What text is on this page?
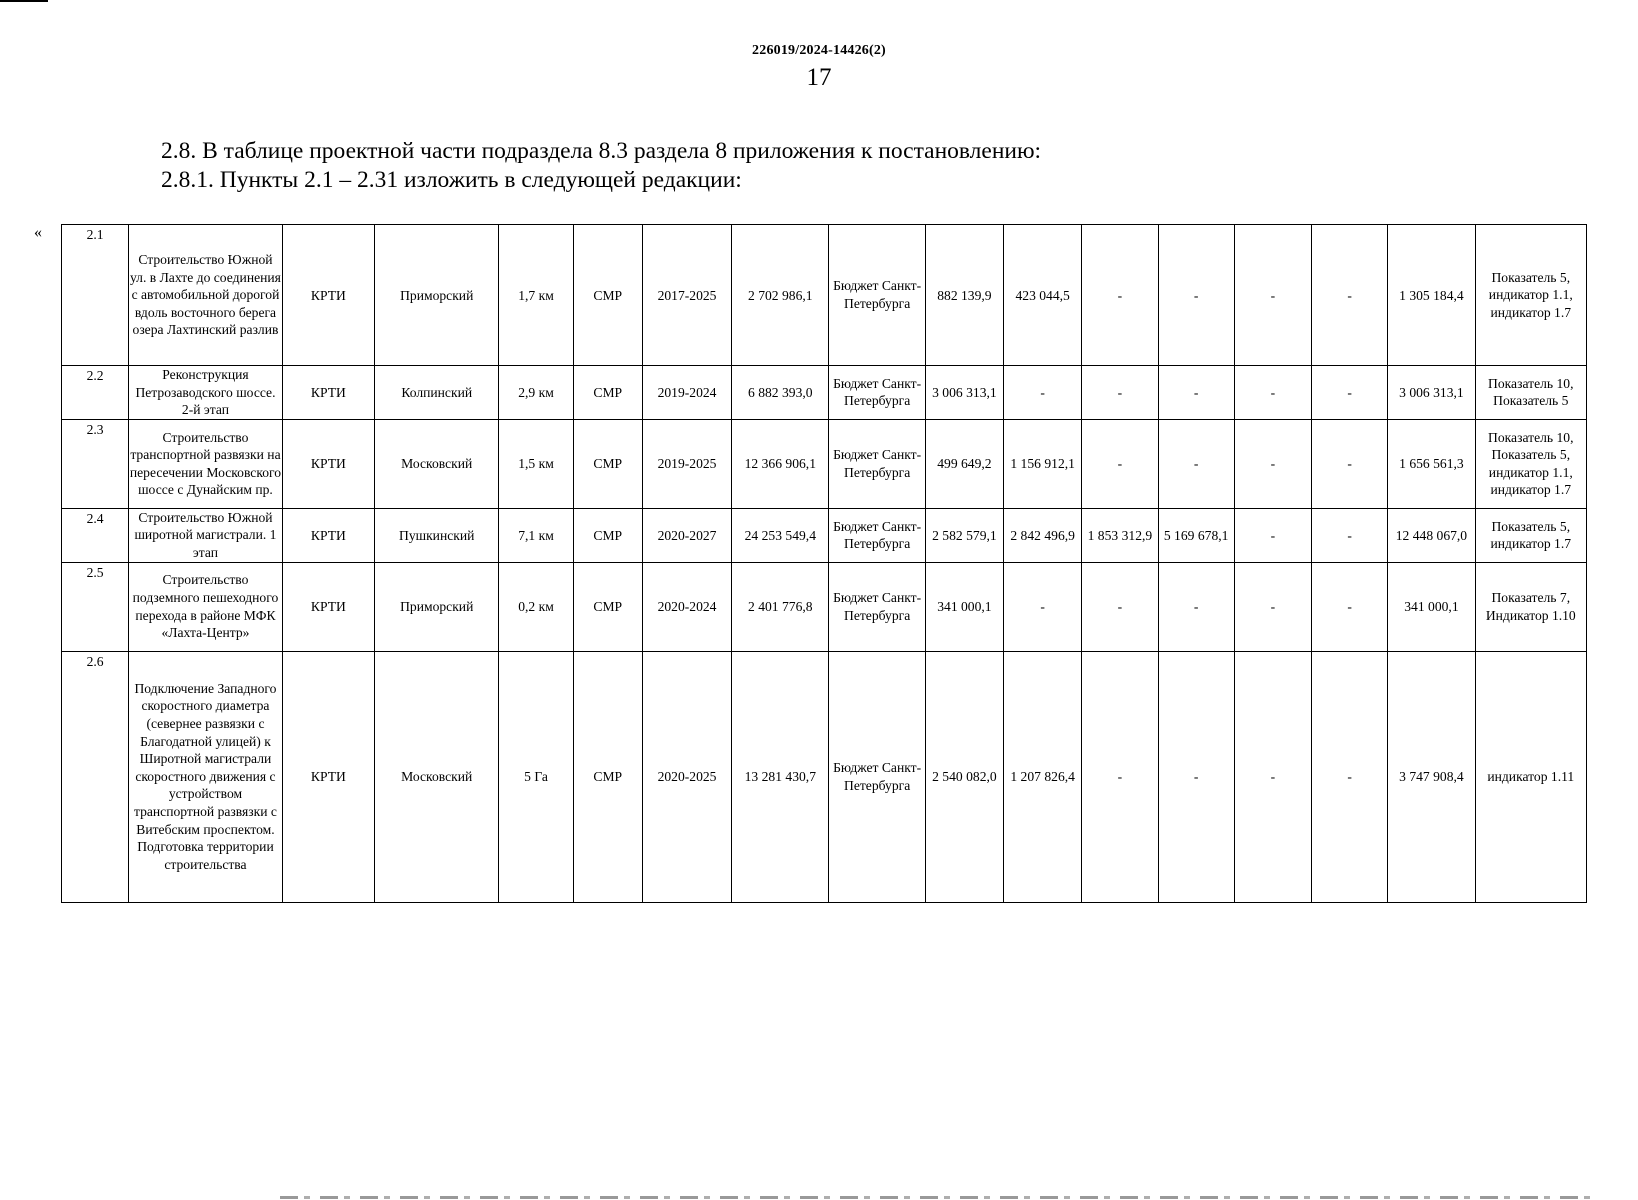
226019/2024-14426(2)
17
2.8. В таблице проектной части подраздела 8.3 раздела 8 приложения к постановлению:
2.8.1. Пункты 2.1 – 2.31 изложить в следующей редакции:
«	2.1	Строительство Южной ул. в Лахте до соединения с автомобильной дорогой вдоль восточного берега озера Лахтинский разлив	КРТИ	Приморский	1,7 км	СМР	2017-2025	2 702 986,1	Бюджет Санкт-Петербурга	882 139,9	423 044,5	-	-	-	-	1 305 184,4	Показатель 5, индикатор 1.1, индикатор 1.7
2.2	Реконструкция Петрозаводского шоссе. 2-й этап	КРТИ	Колпинский	2,9 км	СМР	2019-2024	6 882 393,0	Бюджет Санкт-Петербурга	3 006 313,1	-	-	-	-	-	3 006 313,1	Показатель 10, Показатель 5
2.3	Строительство транспортной развязки на пересечении Московского шоссе с Дунайским пр.	КРТИ	Московский	1,5 км	СМР	2019-2025	12 366 906,1	Бюджет Санкт-Петербурга	499 649,2	1 156 912,1	-	-	-	-	1 656 561,3	Показатель 10, Показатель 5, индикатор 1.1, индикатор 1.7
2.4	Строительство Южной широтной магистрали. 1 этап	КРТИ	Пушкинский	7,1 км	СМР	2020-2027	24 253 549,4	Бюджет Санкт-Петербурга	2 582 579,1	2 842 496,9	1 853 312,9	5 169 678,1	-	-	12 448 067,0	Показатель 5, индикатор 1.7
2.5	Строительство подземного пешеходного перехода в районе МФК «Лахта-Центр»	КРТИ	Приморский	0,2 км	СМР	2020-2024	2 401 776,8	Бюджет Санкт-Петербурга	341 000,1	-	-	-	-	-	341 000,1	Показатель 7, Индикатор 1.10
2.6	Подключение Западного скоростного диаметра (севернее развязки с Благодатной улицей) к Широтной магистрали скоростного движения с устройством транспортной развязки с Витебским проспектом. Подготовка территории строительства	КРТИ	Московский	5 Га	СМР	2020-2025	13 281 430,7	Бюджет Санкт-Петербурга	2 540 082,0	1 207 826,4	-	-	-	-	3 747 908,4	индикатор 1.11
